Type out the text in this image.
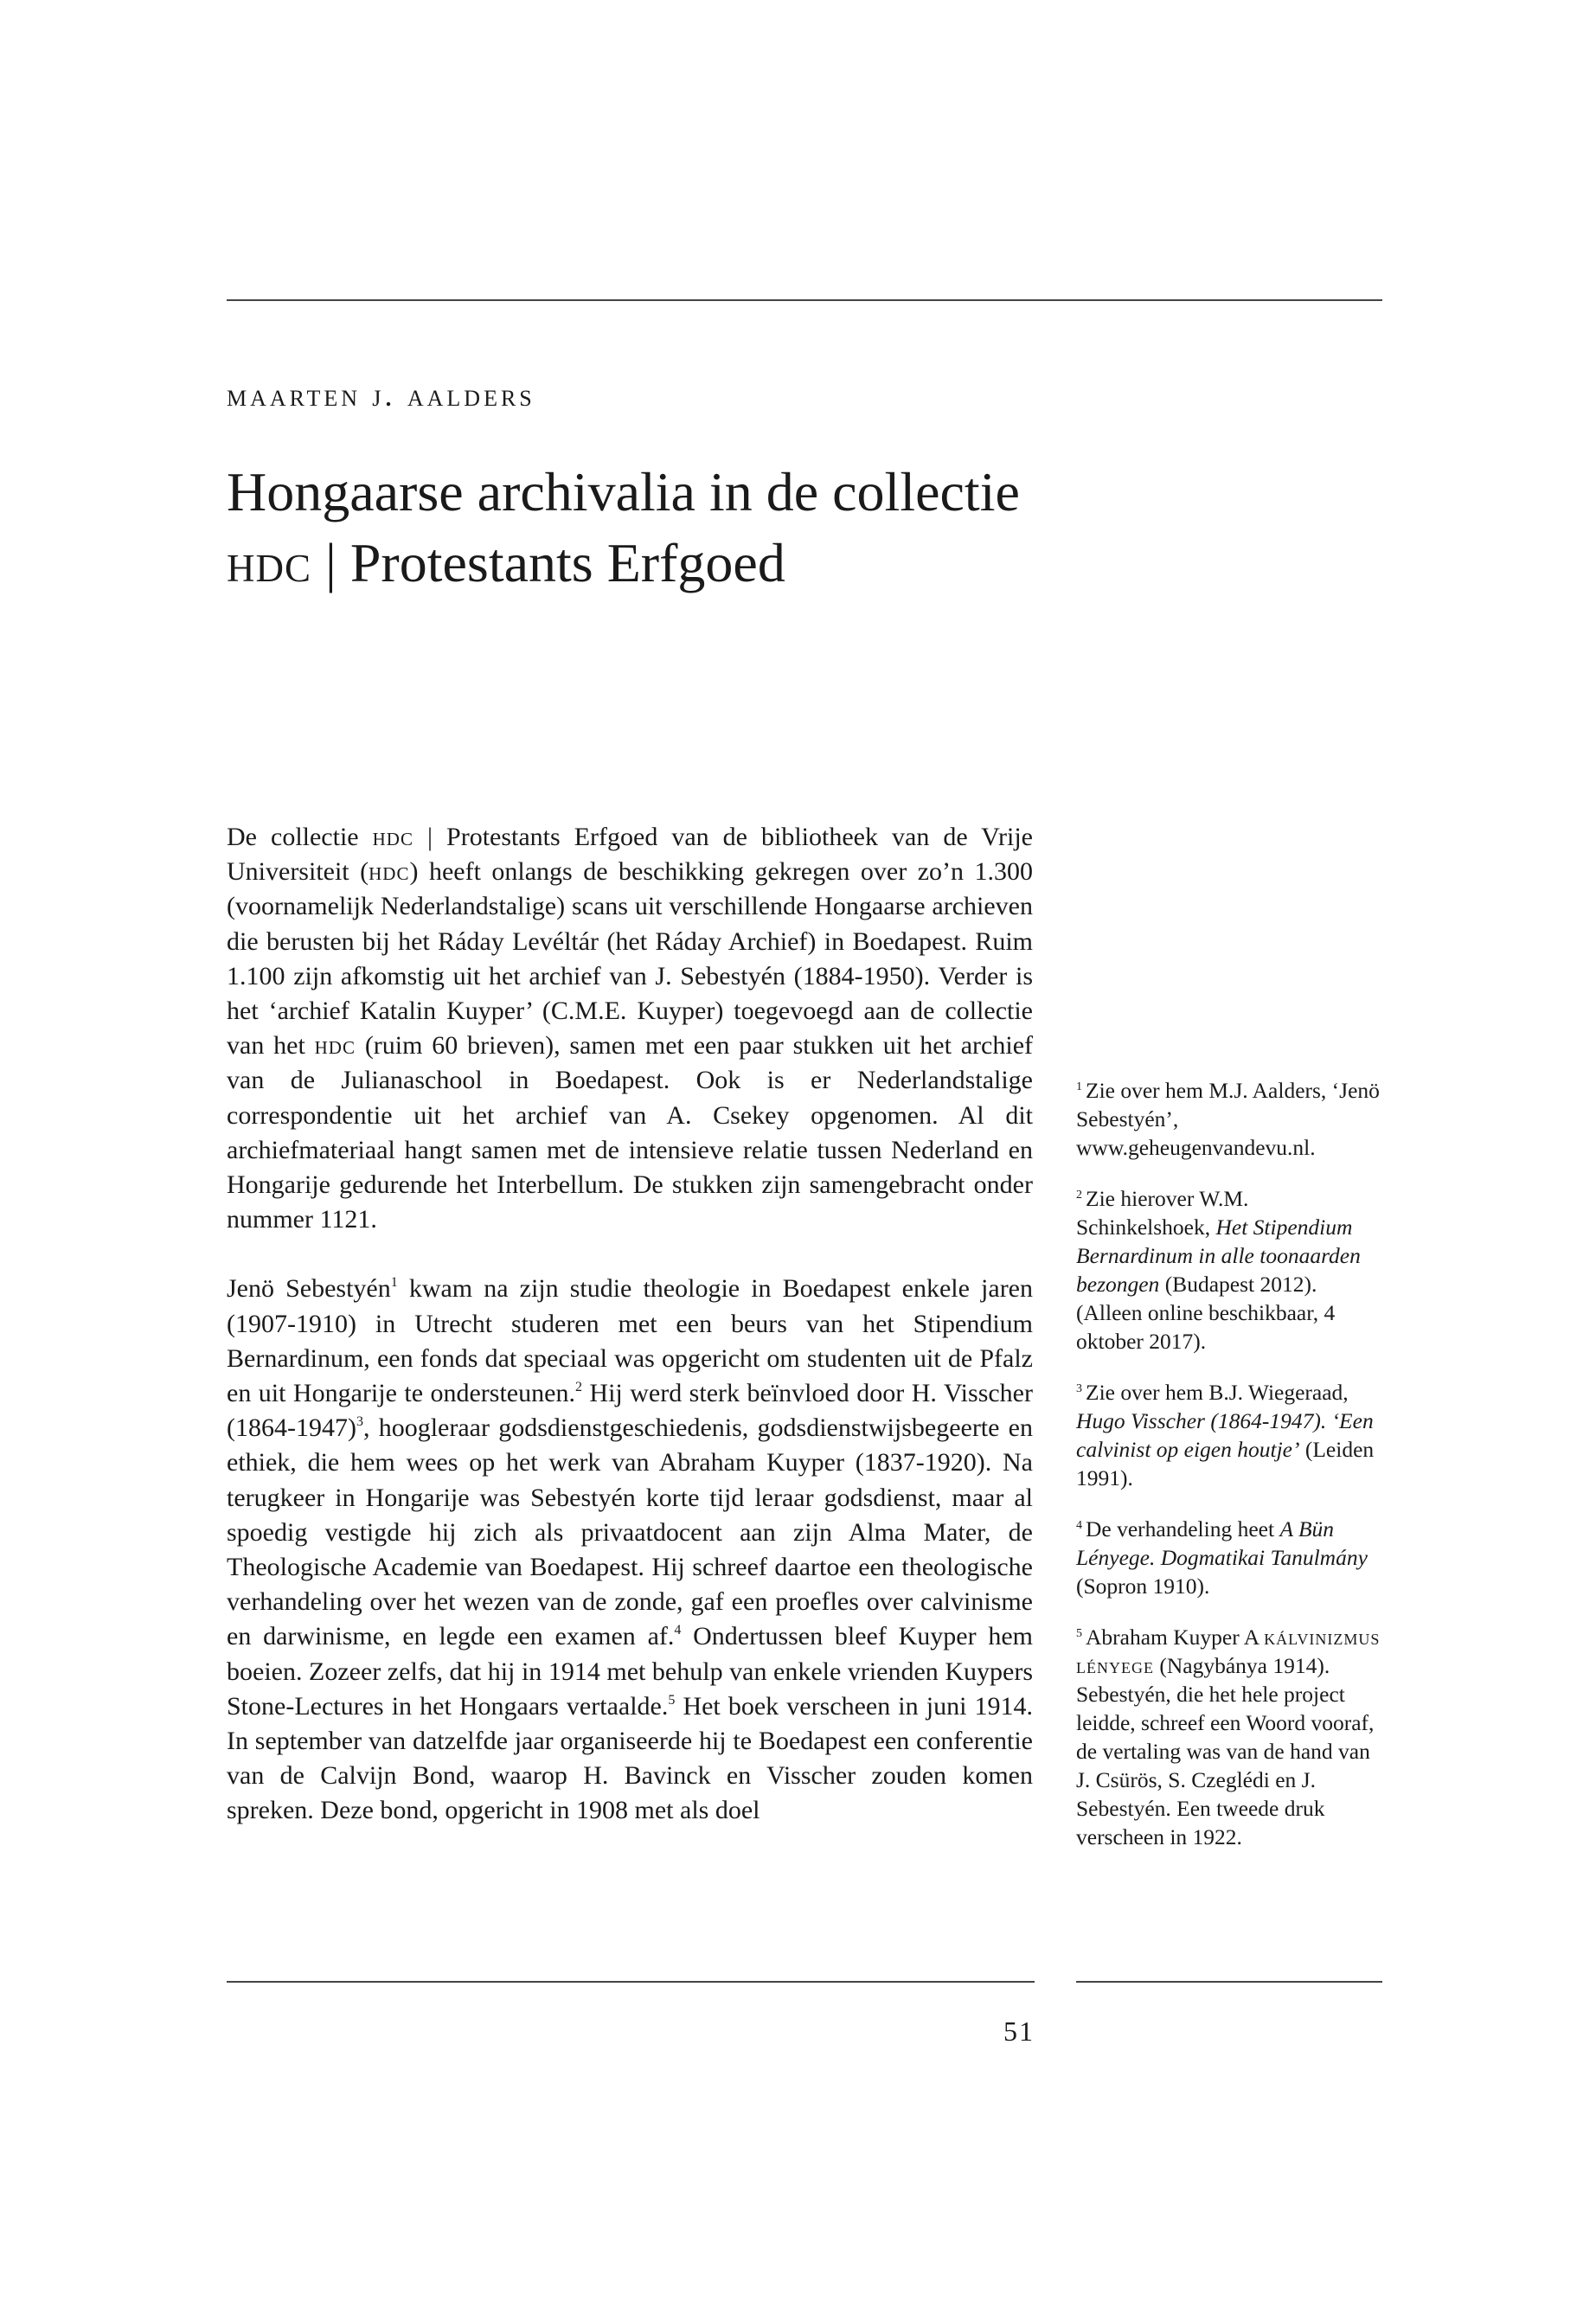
maarten j. aalders
Hongaarse archivalia in de collectie
hdc | Protestants Erfgoed

De collectie hdc | Protestants Erfgoed van de bibliotheek van de Vrije Universiteit (hdc) heeft onlangs de beschikking gekregen over zo’n 1.300 (voornamelijk Nederlandstalige) scans uit verschillende Hongaarse archieven die berusten bij het Ráday Levéltár (het Ráday Archief) in Boedapest. Ruim 1.100 zijn afkomstig uit het archief van J. Sebestyén (1884-1950). Verder is het ‘archief Katalin Kuyper’ (C.M.E. Kuyper) toegevoegd aan de collectie van het hdc (ruim 60 brieven), samen met een paar stukken uit het archief van de Julianaschool in Boedapest. Ook is er Nederlandstalige correspondentie uit het archief van A. Csekey opgenomen. Al dit archiefmateriaal hangt samen met de intensieve relatie tussen Nederland en Hongarije gedurende het Interbellum. De stukken zijn samengebracht onder nummer 1121.

Jenö Sebestyén$^1$ kwam na zijn studie theologie in Boedapest enkele jaren (1907-1910) in Utrecht studeren met een beurs van het Stipendium Bernardinum, een fonds dat speciaal was opgericht om studenten uit de Pfalz en uit Hongarije te ondersteunen.$^2$ Hij werd sterk beïnvloed door H. Visscher (1864-1947)$^3$, hoogleraar godsdienstgeschiedenis, godsdienstwijsbegeerte en ethiek, die hem wees op het werk van Abraham Kuyper (1837-1920). Na terugkeer in Hongarije was Sebestyén korte tijd leraar godsdienst, maar al spoedig vestigde hij zich als privaatdocent aan zijn Alma Mater, de Theologische Academie van Boedapest. Hij schreef daartoe een theologische verhandeling over het wezen van de zonde, gaf een proefles over calvinisme en darwinisme, en legde een examen af.$^4$ Ondertussen bleef Kuyper hem boeien. Zozeer zelfs, dat hij in 1914 met behulp van enkele vrienden Kuypers Stone-Lectures in het Hongaars vertaalde.$^5$ Het boek verscheen in juni 1914. In september van datzelfde jaar organiseerde hij te Boedapest een conferentie van de Calvijn Bond, waarop H. Bavinck en Visscher zouden komen spreken. Deze bond, opgericht in 1908 met als doel

$^1$ Zie over hem M.J. Aalders, ‘Jenö Sebestyén’, www.geheugenvandevu.nl.
$^2$ Zie hierover W.M. Schinkelshoek, Het Stipendium Bernardinum in alle toonaarden bezongen (Budapest 2012). (Alleen online beschikbaar, 4 oktober 2017).
$^3$ Zie over hem B.J. Wiegeraad, Hugo Visscher (1864-1947). ‘Een calvinist op eigen houtje’ (Leiden 1991).
$^4$ De verhandeling heet A Bün Lényege. Dogmatikai Tanulmány (Sopron 1910).
$^5$ Abraham Kuyper A kálvinizmus lényege (Nagybánya 1914). Sebestyén, die het hele project leidde, schreef een Woord vooraf, de vertaling was van de hand van J. Csürös, S. Czeglédi en J. Sebestyén. Een tweede druk verscheen in 1922.
51
